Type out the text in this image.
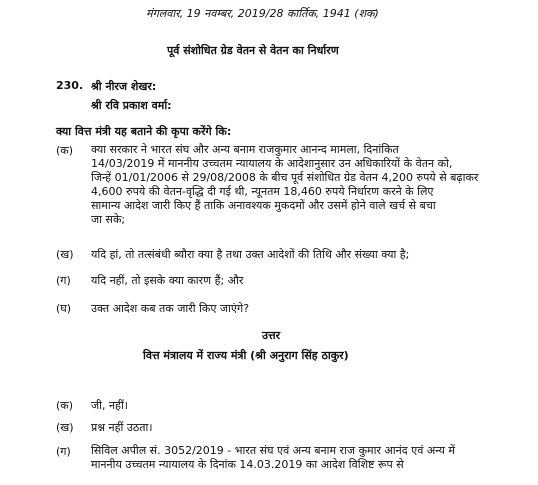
मंगलवार, 19 नवम्बर, 2019/28 कार्तिक, 1941 (शक)
पूर्व संशोधित ग्रेड वेतन से वेतन का निर्धारण
230. श्री नीरज शेखर:
श्री रवि प्रकाश वर्मा:
क्या वित्त मंत्री यह बताने की कृपा करेंगे कि:
(क) क्या सरकार ने भारत संघ और अन्य बनाम राजकुमार आनन्द मामला, दिनांकित
14/03/2019 में माननीय उच्चतम न्यायालय के आदेशानुसार उन अधिकारियों के वेतन को,
जिन्हें 01/01/2006 से 29/08/2008 के बीच पूर्व संशोधित ग्रेड वेतन 4,200 रुपये से बढ़ाकर
4,600 रुपये की वेतन-वृद्धि दी गई थी, न्यूनतम 18,460 रुपये निर्धारण करने के लिए
सामान्य आदेश जारी किए हैं ताकि अनावश्यक मुकदमों और उसमें होने वाले खर्च से बचा
जा सके;
(ख) यदि हां, तो तत्संबंधी ब्यौरा क्या है तथा उक्त आदेशों की तिथि और संख्या क्या है;
(ग) यदि नहीं, तो इसके क्या कारण हैं; और
(घ) उक्त आदेश कब तक जारी किए जाएंगे?
उत्तर
वित्त मंत्रालय में राज्य मंत्री (श्री अनुराग सिंह ठाकुर)
(क) जी, नहीं।
(ख) प्रश्न नहीं उठता।
(ग) सिविल अपील सं. 3052/2019 - भारत संघ एवं अन्य बनाम राज कुमार आनंद एवं अन्य में
माननीय उच्चतम न्यायालय के दिनांक 14.03.2019 का आदेश विशिष्ट रूप से
